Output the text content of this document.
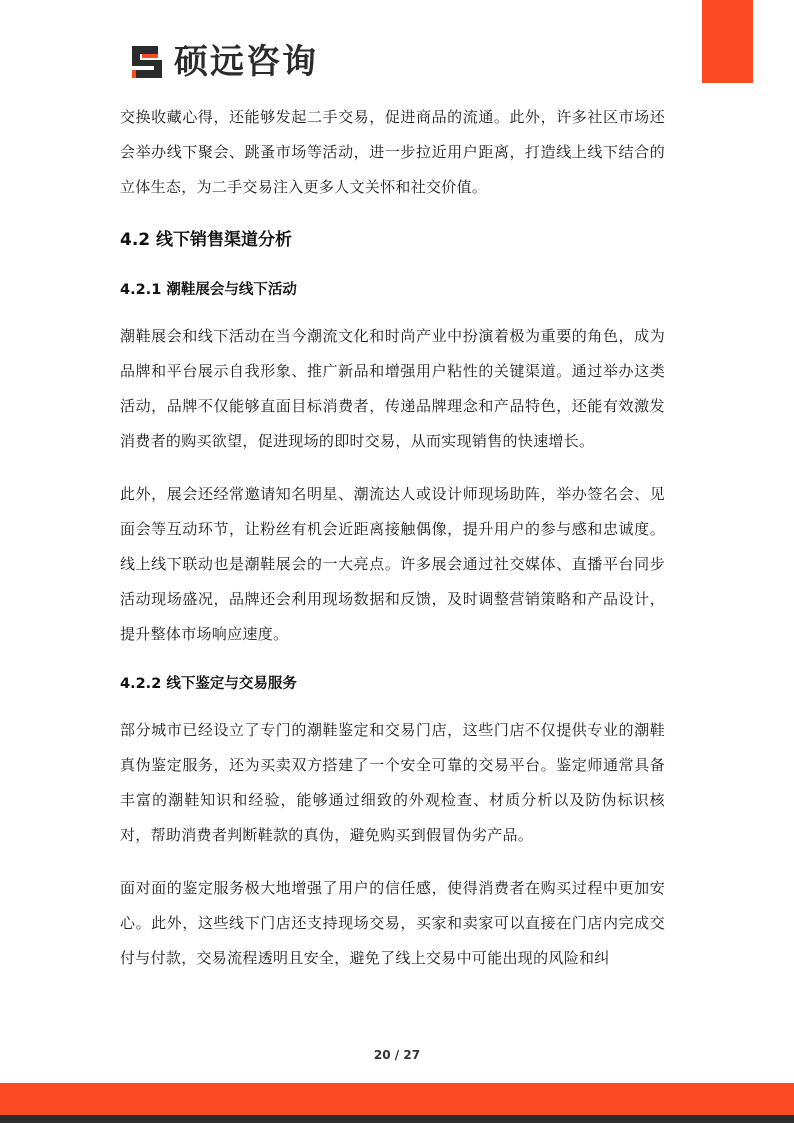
硕远咨询

交换收藏心得，还能够发起二手交易，促进商品的流通。此外，许多社区市场还会举办线下聚会、跳蚤市场等活动，进一步拉近用户距离，打造线上线下结合的立体生态，为二手交易注入更多人文关怀和社交价值。

4.2 线下销售渠道分析
4.2.1 潮鞋展会与线下活动

潮鞋展会和线下活动在当今潮流文化和时尚产业中扮演着极为重要的角色，成为品牌和平台展示自我形象、推广新品和增强用户粘性的关键渠道。通过举办这类活动，品牌不仅能够直面目标消费者，传递品牌理念和产品特色，还能有效激发消费者的购买欲望，促进现场的即时交易，从而实现销售的快速增长。

此外，展会还经常邀请知名明星、潮流达人或设计师现场助阵，举办签名会、见面会等互动环节，让粉丝有机会近距离接触偶像，提升用户的参与感和忠诚度。线上线下联动也是潮鞋展会的一大亮点。许多展会通过社交媒体、直播平台同步活动现场盛况，品牌还会利用现场数据和反馈，及时调整营销策略和产品设计，提升整体市场响应速度。

4.2.2 线下鉴定与交易服务

部分城市已经设立了专门的潮鞋鉴定和交易门店，这些门店不仅提供专业的潮鞋真伪鉴定服务，还为买卖双方搭建了一个安全可靠的交易平台。鉴定师通常具备丰富的潮鞋知识和经验，能够通过细致的外观检查、材质分析以及防伪标识核对，帮助消费者判断鞋款的真伪，避免购买到假冒伪劣产品。

面对面的鉴定服务极大地增强了用户的信任感，使得消费者在购买过程中更加安心。此外，这些线下门店还支持现场交易，买家和卖家可以直接在门店内完成交付与付款，交易流程透明且安全，避免了线上交易中可能出现的风险和纠

20 / 27
